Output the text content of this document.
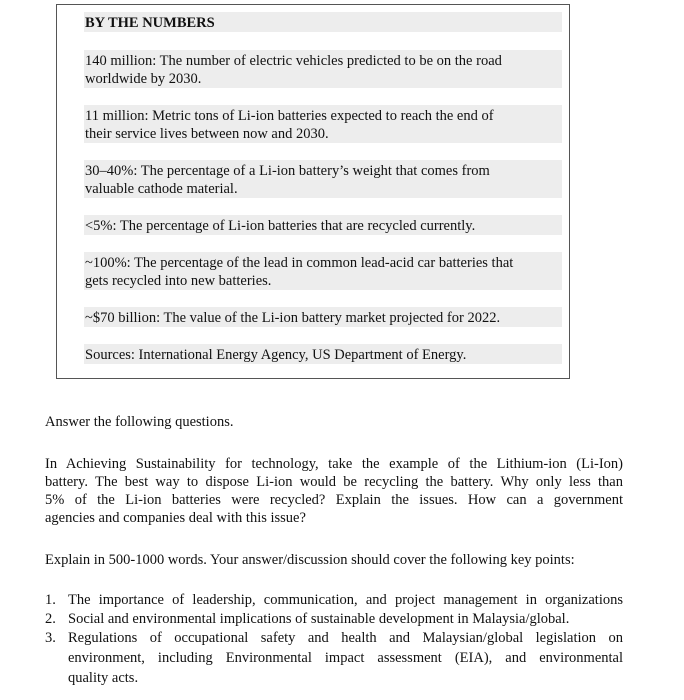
BY THE NUMBERS
140 million: The number of electric vehicles predicted to be on the road
worldwide by 2030.
11 million: Metric tons of Li-ion batteries expected to reach the end of
their service lives between now and 2030.
30–40%: The percentage of a Li-ion battery’s weight that comes from
valuable cathode material.
<5%: The percentage of Li-ion batteries that are recycled currently.
~100%: The percentage of the lead in common lead-acid car batteries that
gets recycled into new batteries.
~$70 billion: The value of the Li-ion battery market projected for 2022.
Sources: International Energy Agency, US Department of Energy.
Answer the following questions.
In Achieving Sustainability for technology, take the example of the Lithium-ion (Li-Ion)
battery. The best way to dispose Li-ion would be recycling the battery. Why only less than
5% of the Li-ion batteries were recycled? Explain the issues. How can a government
agencies and companies deal with this issue?
Explain in 500-1000 words. Your answer/discussion should cover the following key points:
1. The importance of leadership, communication, and project management in organizations
2. Social and environmental implications of sustainable development in Malaysia/global.
3. Regulations of occupational safety and health and Malaysian/global legislation on
environment, including Environmental impact assessment (EIA), and environmental
quality acts.
